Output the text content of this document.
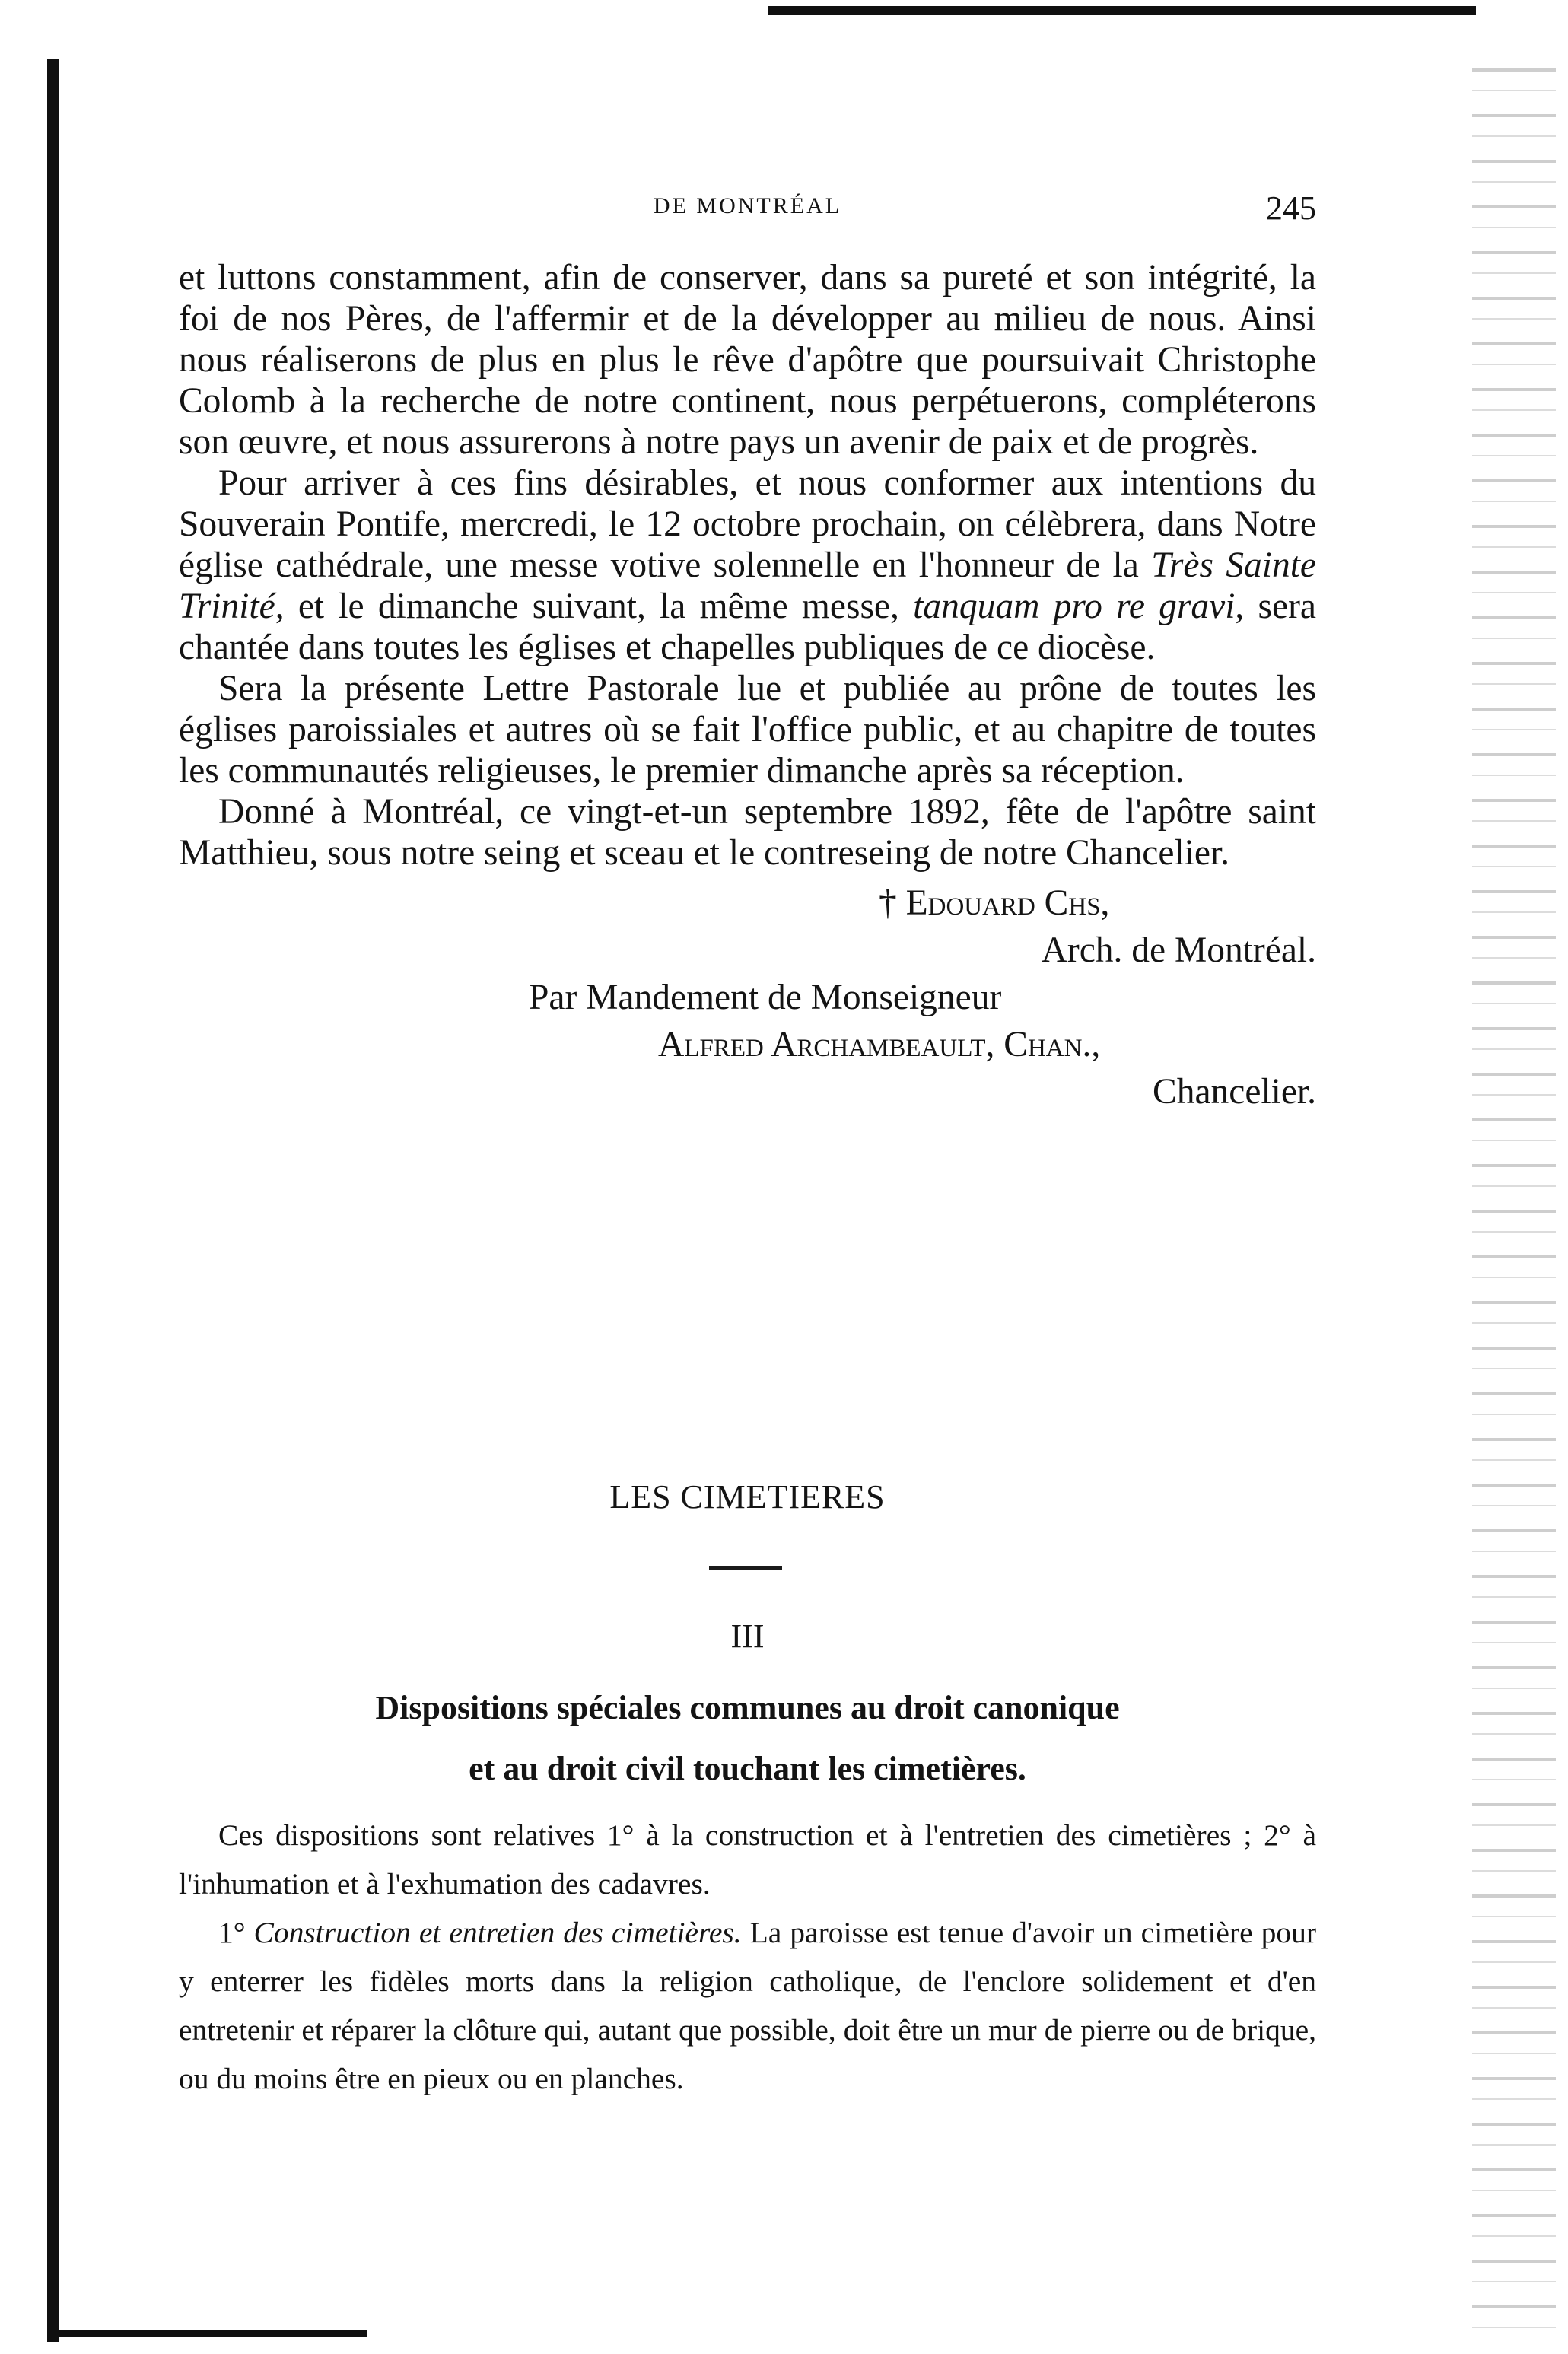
DE MONTRÉAL	245

et luttons constamment, afin de conserver, dans sa pureté et son intégrité, la foi de nos Pères, de l'affermir et de la développer au milieu de nous. Ainsi nous réaliserons de plus en plus le rêve d'apôtre que poursuivait Christophe Colomb à la recherche de notre continent, nous perpétuerons, compléterons son œuvre, et nous assurerons à notre pays un avenir de paix et de progrès.

Pour arriver à ces fins désirables, et nous conformer aux intentions du Souverain Pontife, mercredi, le 12 octobre prochain, on célèbrera, dans Notre église cathédrale, une messe votive solennelle en l'honneur de la Très Sainte Trinité, et le dimanche suivant, la même messe, tanquam pro re gravi, sera chantée dans toutes les églises et chapelles publiques de ce diocèse.

Sera la présente Lettre Pastorale lue et publiée au prône de toutes les églises paroissiales et autres où se fait l'office public, et au chapitre de toutes les communautés religieuses, le premier dimanche après sa réception.

Donné à Montréal, ce vingt-et-un septembre 1892, fête de l'apôtre saint Matthieu, sous notre seing et sceau et le contreseing de notre Chancelier.

† Edouard Chs,

Arch. de Montréal.

Par Mandement de Monseigneur

Alfred Archambeault, Chan.,

Chancelier.

LES CIMETIERES
III
Dispositions spéciales communes au droit canonique
et au droit civil touchant les cimetières.

Ces dispositions sont relatives 1° à la construction et à l'entretien des cimetières ; 2° à l'inhumation et à l'exhumation des cadavres.

1° Construction et entretien des cimetières. La paroisse est tenue d'avoir un cimetière pour y enterrer les fidèles morts dans la religion catholique, de l'enclore solidement et d'en entretenir et réparer la clôture qui, autant que possible, doit être un mur de pierre ou de brique, ou du moins être en pieux ou en planches.
